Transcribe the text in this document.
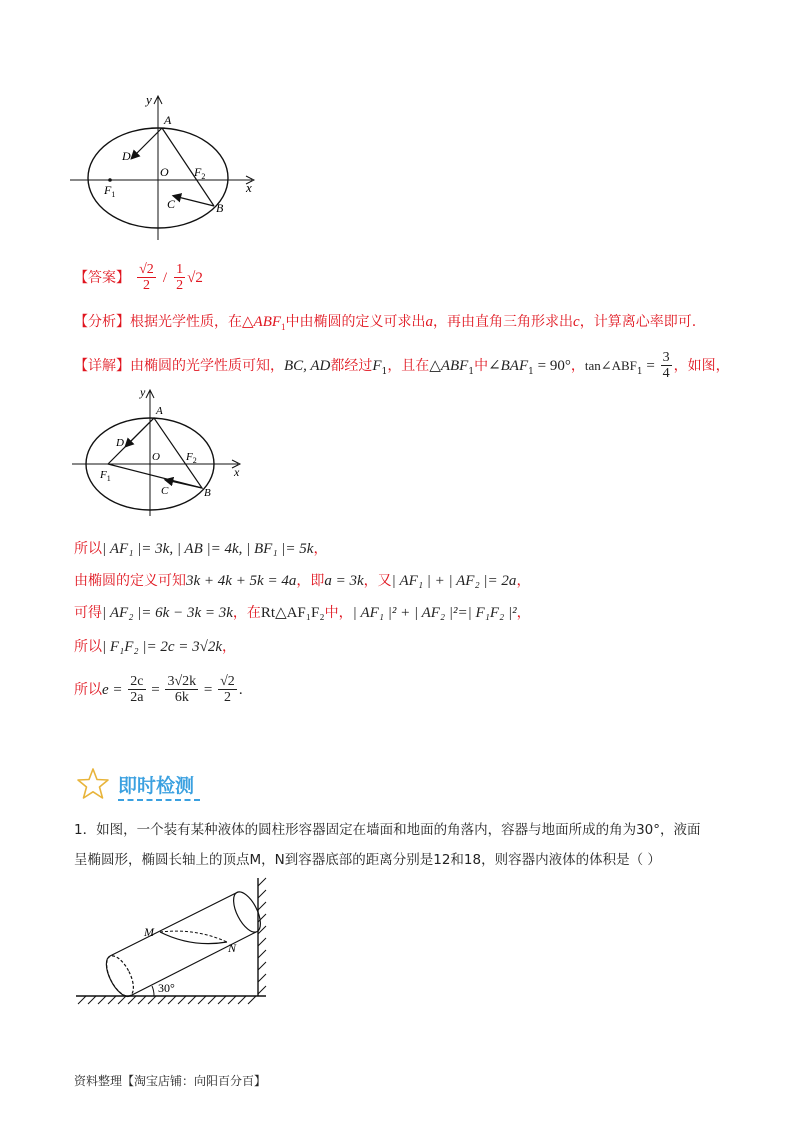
y
x
O
A
B
C
D
$F_1$
$F_2$
【答案】 $\frac{√2}{2} / \frac{1}{2} √2$
【分析】根据光学性质，在$\triangle ABF_1$中由椭圆的定义可求出a，再由直角三角形求出c，计算离心率即可.
【详解】由椭圆的光学性质可知，BC, AD都经过$F_1$，且在$\triangle ABF_1$中$\angle BAF_1 = 90^\circ$，$\tan\angle ABF_1 = \frac{3}{4}$ ，如图，
y
x
O
A
B
C
D
$F_1$
$F_2$
所以| AF₁ |= 3k, | AB |= 4k, | BF₁ |= 5k，
由椭圆的定义可知3k + 4k + 5k = 4a，即a = 3k，又| AF₁ | + | AF₂ |= 2a，
可得| AF₂ |= 6k − 3k = 3k，在Rt△AF₁F₂中，| AF₁ |² + | AF₂ |²=| F₁F₂ |²，
所以| F₁F₂ |= 2c = 3√2k，
所以$e = \frac{2c}{2a} = \frac{3√2k}{6k} = \frac{√2}{2}$ .
即时检测
1．如图，一个装有某种液体的圆柱形容器固定在墙面和地面的角落内，容器与地面所成的角为30°，液面
呈椭圆形，椭圆长轴上的顶点M，N到容器底部的距离分别是12和18，则容器内液体的体积是（ ）
M
N
30°
资料整理【淘宝店铺：向阳百分百】
